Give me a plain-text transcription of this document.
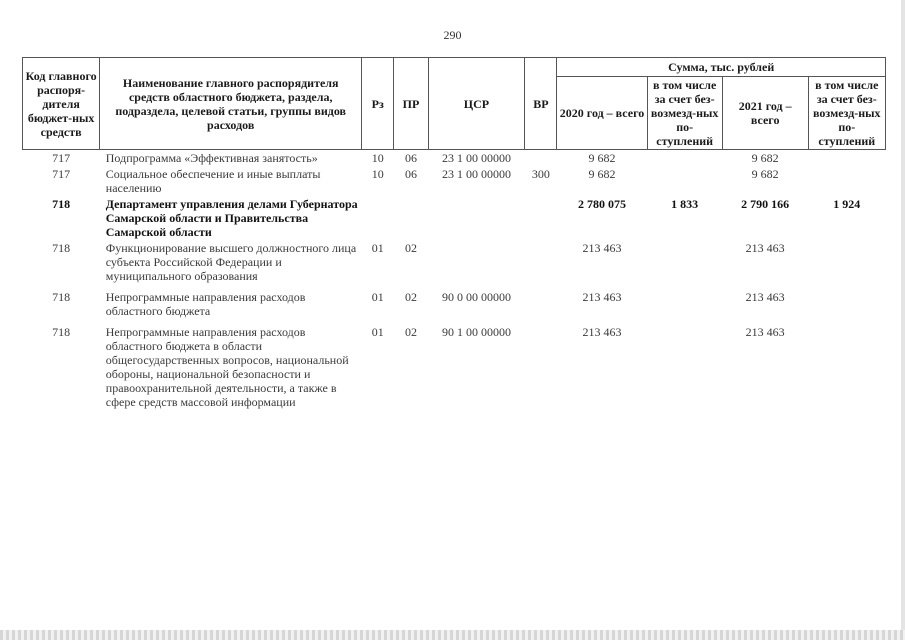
290
Код главного распоря-дителя бюджет-ных средств	Наименование главного распорядителя средств областного бюджета, раздела, подраздела, целевой статьи, группы видов расходов	Рз	ПР	ЦСР	ВР	Сумма, тыс. рублей			
						2020 год – всего	в том числе за счет без-возмезд-ных по-ступлений	2021 год – всего	в том числе за счет без-возмезд-ных по-ступлений
717	Подпрограмма «Эффективная занятость»	10	06	23 1 00 00000		9 682		9 682	
717	Социальное обеспечение и иные выплаты населению	10	06	23 1 00 00000	300	9 682		9 682	
718	Департамент управления делами Губернатора Самарской области и Правительства Самарской области					2 780 075	1 833	2 790 166	1 924
718	Функционирование высшего должностного лица субъекта Российской Федерации и муниципального образования	01	02			213 463		213 463	
718	Непрограммные направления расходов областного бюджета	01	02	90 0 00 00000		213 463		213 463	
718	Непрограммные направления расходов областного бюджета в области общегосударственных вопросов, национальной обороны, национальной безопасности и правоохранительной деятельности, а также в сфере средств массовой информации	01	02	90 1 00 00000		213 463		213 463	
